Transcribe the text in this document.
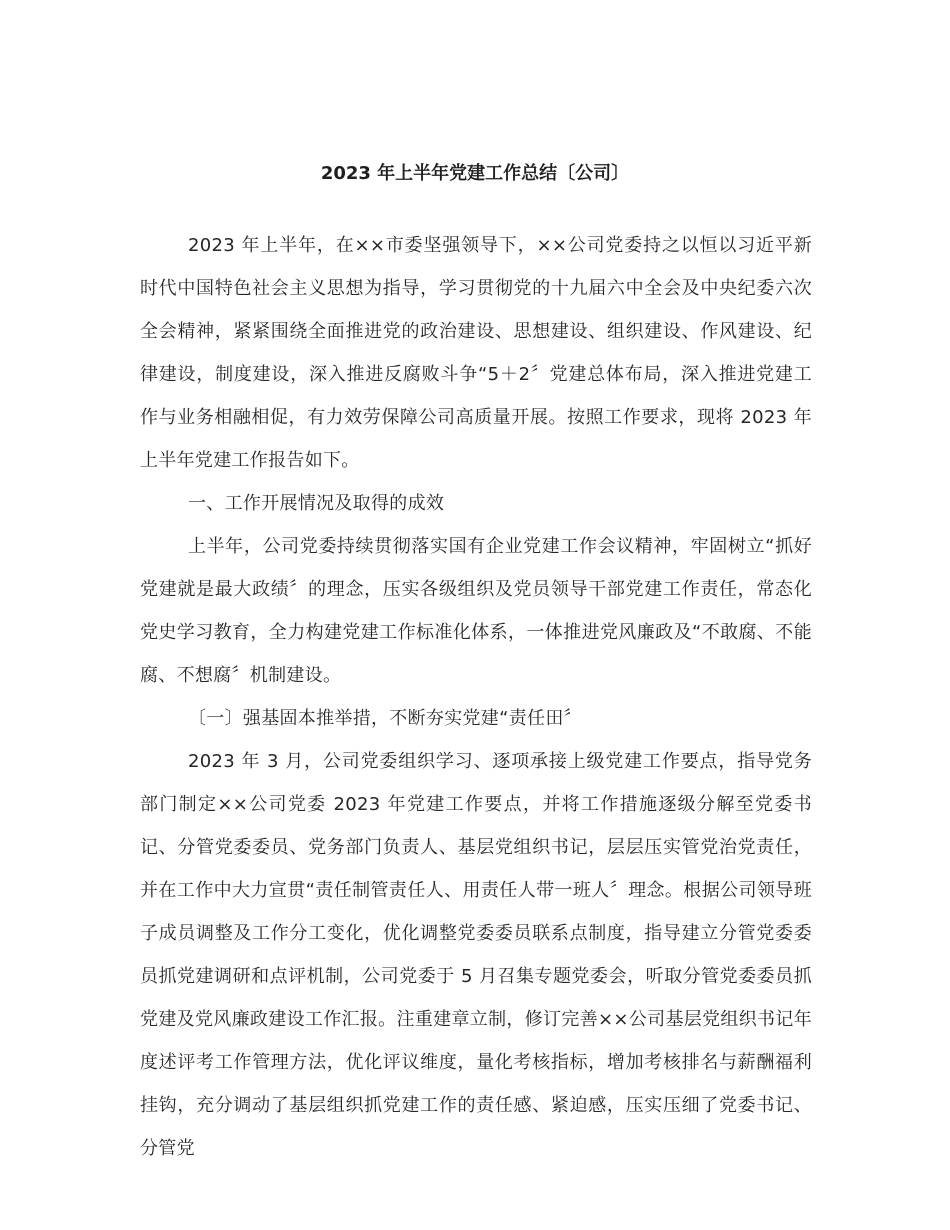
2023 年上半年党建工作总结〔公司〕

2023 年上半年，在××市委坚强领导下，××公司党委持之以恒以习近平新时代中国特色社会主义思想为指导，学习贯彻党的十九届六中全会及中央纪委六次全会精神，紧紧围绕全面推进党的政治建设、思想建设、组织建设、作风建设、纪律建设，制度建设，深入推进反腐败斗争“5＋2〞党建总体布局，深入推进党建工作与业务相融相促，有力效劳保障公司高质量开展。按照工作要求，现将 2023 年上半年党建工作报告如下。

一、工作开展情况及取得的成效

上半年，公司党委持续贯彻落实国有企业党建工作会议精神，牢固树立“抓好党建就是最大政绩〞的理念，压实各级组织及党员领导干部党建工作责任，常态化党史学习教育，全力构建党建工作标准化体系，一体推进党风廉政及“不敢腐、不能腐、不想腐〞机制建设。

〔一〕强基固本推举措，不断夯实党建“责任田〞

2023 年 3 月，公司党委组织学习、逐项承接上级党建工作要点，指导党务部门制定××公司党委 2023 年党建工作要点，并将工作措施逐级分解至党委书记、分管党委委员、党务部门负责人、基层党组织书记，层层压实管党治党责任，并在工作中大力宣贯“责任制管责任人、用责任人带一班人〞理念。根据公司领导班子成员调整及工作分工变化，优化调整党委委员联系点制度，指导建立分管党委委员抓党建调研和点评机制，公司党委于 5 月召集专题党委会，听取分管党委委员抓党建及党风廉政建设工作汇报。注重建章立制，修订完善××公司基层党组织书记年度述评考工作管理方法，优化评议维度，量化考核指标，增加考核排名与薪酬福利挂钩，充分调动了基层组织抓党建工作的责任感、紧迫感，压实压细了党委书记、分管党
